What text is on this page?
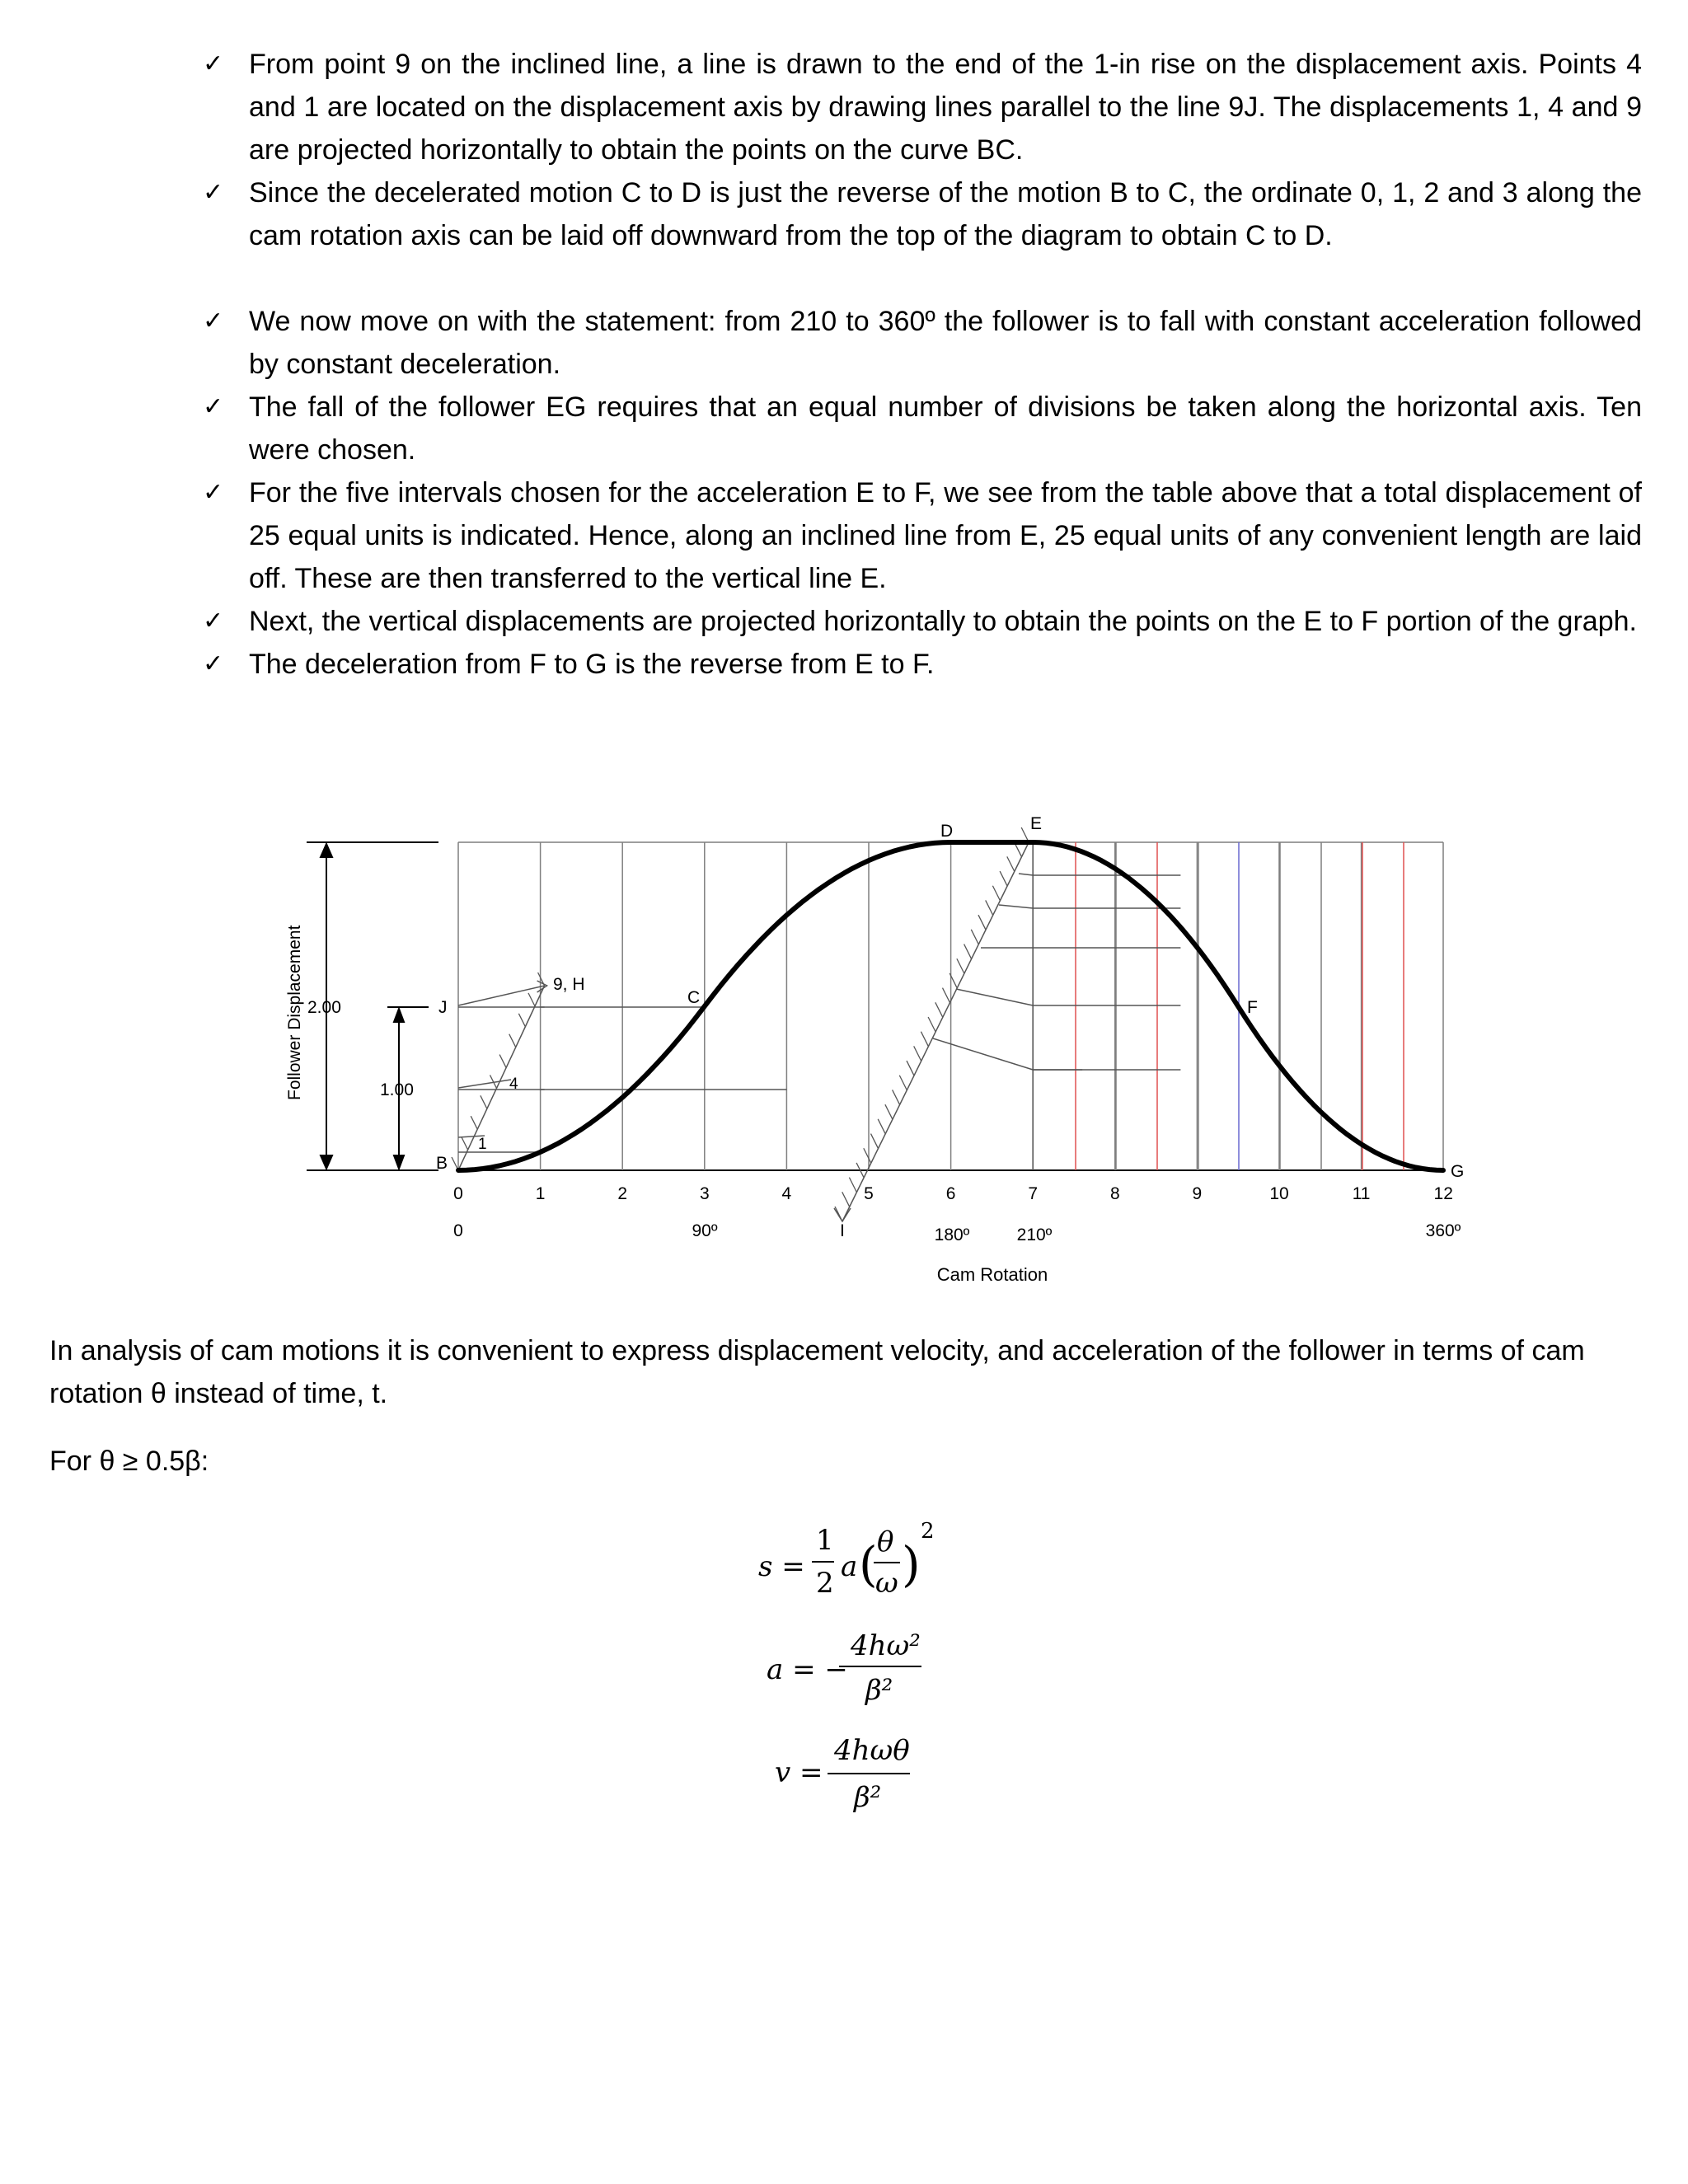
✓ From point 9 on the inclined line, a line is drawn to the end of the 1-in rise on the displacement axis. Points 4 and 1 are located on the displacement axis by drawing lines parallel to the line 9J. The displacements 1, 4 and 9 are projected horizontally to obtain the points on the curve BC.
✓ Since the decelerated motion C to D is just the reverse of the motion B to C, the ordinate 0, 1, 2 and 3 along the cam rotation axis can be laid off downward from the top of the diagram to obtain C to D.
✓ We now move on with the statement: from 210 to 360º the follower is to fall with constant acceleration followed by constant deceleration.
✓ The fall of the follower EG requires that an equal number of divisions be taken along the horizontal axis. Ten were chosen.
✓ For the five intervals chosen for the acceleration E to F, we see from the table above that a total displacement of 25 equal units is indicated. Hence, along an inclined line from E, 25 equal units of any convenient length are laid off. These are then transferred to the vertical line E.
✓ Next, the vertical displacements are projected horizontally to obtain the points on the E to F portion of the graph.
✓ The deceleration from F to G is the reverse from E to F.
Follower Displacement 2.00
1.00
J
B
9, H
4
1
C
D	E
F
G
I
0	1	2	3	4	5	6	7	8	9	10	11	12
0	90º	180º	210º	360º
Cam Rotation
In analysis of cam motions it is convenient to express displacement velocity, and acceleration of the follower in terms of cam rotation θ instead of time, t.
For θ ≥ 0.5β:
s =
1
2 a ( θ
ω )
2
a = −
4hω²
β²
v =
4hωθ
β²
